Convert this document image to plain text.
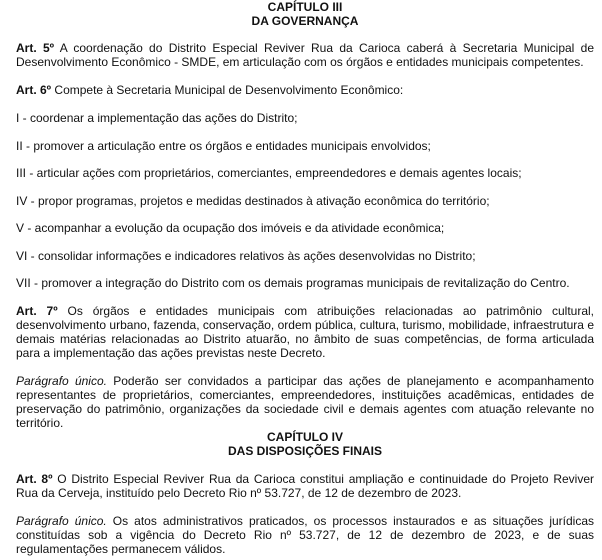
CAPÍTULO III

DA GOVERNANÇA

Art. 5º A coordenação do Distrito Especial Reviver Rua da Carioca caberá à Secretaria Municipal de Desenvolvimento Econômico - SMDE, em articulação com os órgãos e entidades municipais competentes.

Art. 6º Compete à Secretaria Municipal de Desenvolvimento Econômico:

I - coordenar a implementação das ações do Distrito;

II - promover a articulação entre os órgãos e entidades municipais envolvidos;

III - articular ações com proprietários, comerciantes, empreendedores e demais agentes locais;

IV - propor programas, projetos e medidas destinados à ativação econômica do território;

V - acompanhar a evolução da ocupação dos imóveis e da atividade econômica;

VI - consolidar informações e indicadores relativos às ações desenvolvidas no Distrito;

VII - promover a integração do Distrito com os demais programas municipais de revitalização do Centro.

Art. 7º Os órgãos e entidades municipais com atribuições relacionadas ao patrimônio cultural, desenvolvimento urbano, fazenda, conservação, ordem pública, cultura, turismo, mobilidade, infraestrutura e demais matérias relacionadas ao Distrito atuarão, no âmbito de suas competências, de forma articulada para a implementação das ações previstas neste Decreto.

Parágrafo único. Poderão ser convidados a participar das ações de planejamento e acompanhamento representantes de proprietários, comerciantes, empreendedores, instituições acadêmicas, entidades de preservação do patrimônio, organizações da sociedade civil e demais agentes com atuação relevante no território.

CAPÍTULO IV

DAS DISPOSIÇÕES FINAIS

Art. 8º O Distrito Especial Reviver Rua da Carioca constitui ampliação e continuidade do Projeto Reviver Rua da Cerveja, instituído pelo Decreto Rio nº 53.727, de 12 de dezembro de 2023.

Parágrafo único. Os atos administrativos praticados, os processos instaurados e as situações jurídicas constituídas sob a vigência do Decreto Rio nº 53.727, de 12 de dezembro de 2023, e de suas regulamentações permanecem válidos.
